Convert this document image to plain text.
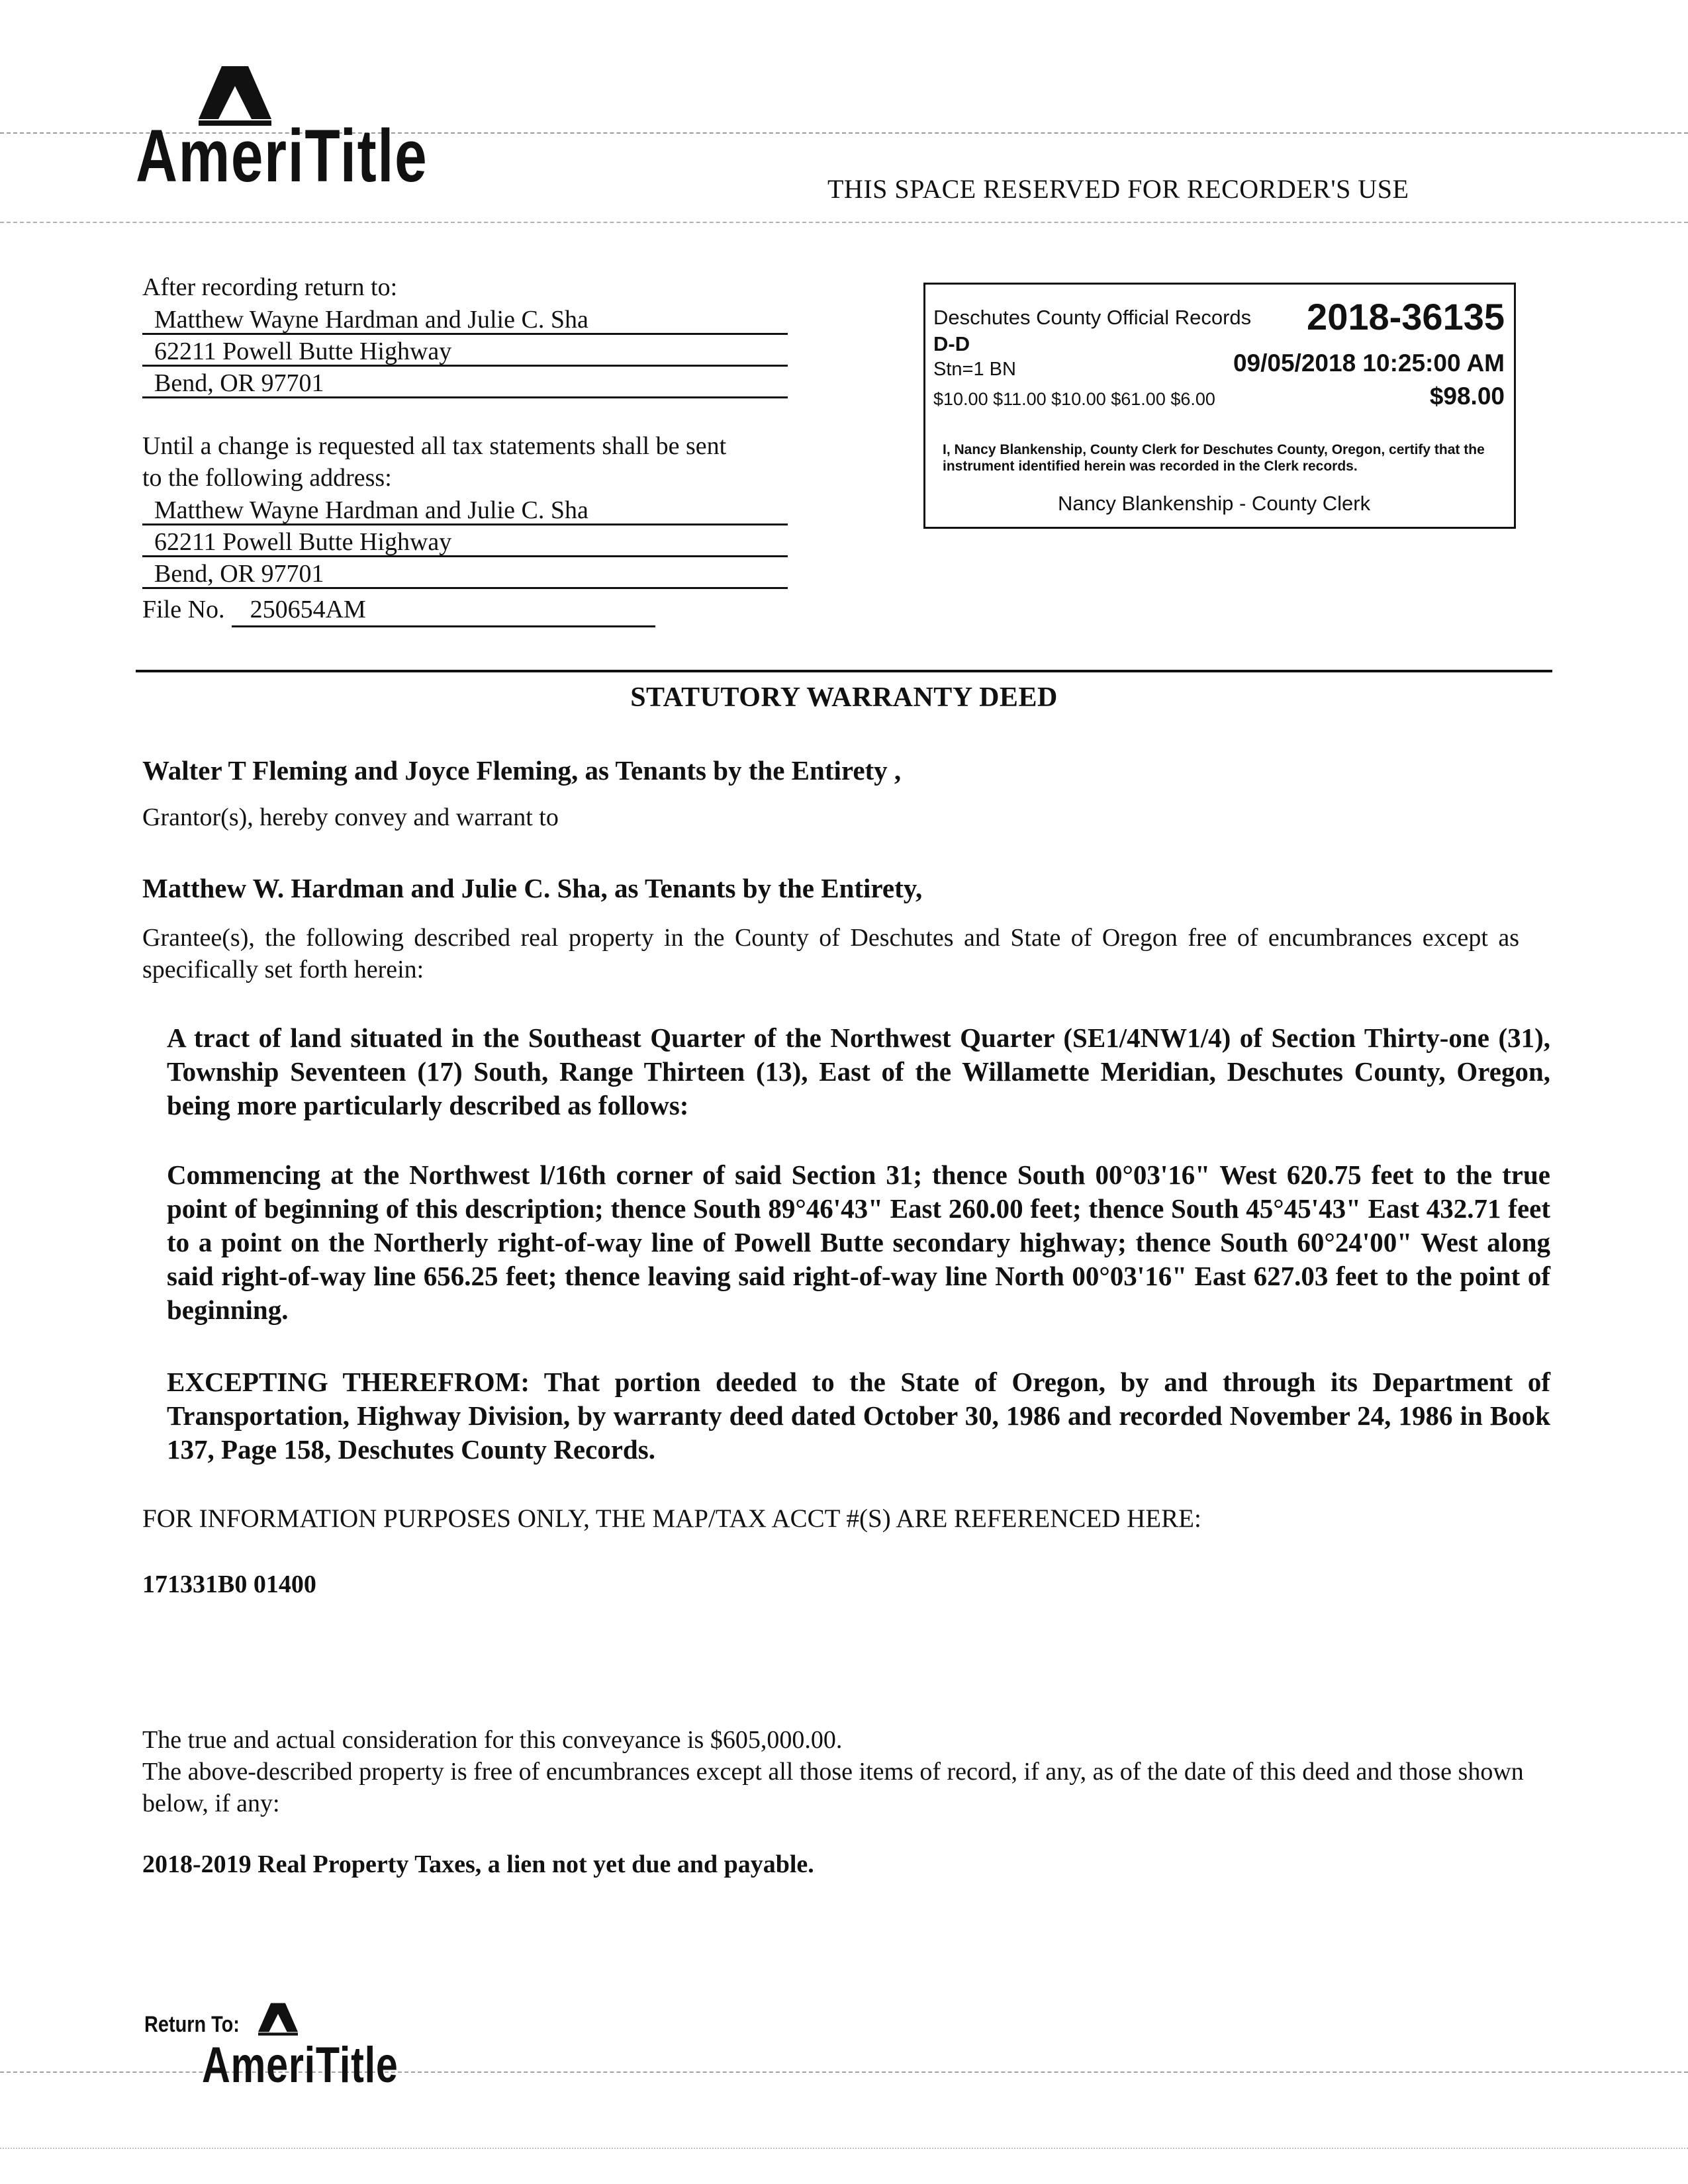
AmeriTitle	THIS SPACE RESERVED FOR RECORDER'S USE
After recording return to:
Matthew Wayne Hardman and Julie C. Sha
62211 Powell Butte Highway
Bend, OR 97701
Until a change is requested all tax statements shall be sent to the following address:
Matthew Wayne Hardman and Julie C. Sha
62211 Powell Butte Highway
Bend, OR 97701
File No. 250654AM
Deschutes County Official Records 2018-36135
D-D
Stn=1 BN	09/05/2018 10:25:00 AM
$10.00 $11.00 $10.00 $61.00 $6.00	$98.00
I, Nancy Blankenship, County Clerk for Deschutes County, Oregon, certify that the instrument identified herein was recorded in the Clerk records.
Nancy Blankenship - County Clerk
STATUTORY WARRANTY DEED
Walter T Fleming and Joyce Fleming, as Tenants by the Entirety ,
Grantor(s), hereby convey and warrant to
Matthew W. Hardman and Julie C. Sha, as Tenants by the Entirety,
Grantee(s), the following described real property in the County of Deschutes and State of Oregon free of encumbrances except as specifically set forth herein:
A tract of land situated in the Southeast Quarter of the Northwest Quarter (SE1/4NW1/4) of Section Thirty-one (31), Township Seventeen (17) South, Range Thirteen (13), East of the Willamette Meridian, Deschutes County, Oregon, being more particularly described as follows:
Commencing at the Northwest l/16th corner of said Section 31; thence South 00°03'16" West 620.75 feet to the true point of beginning of this description; thence South 89°46'43" East 260.00 feet; thence South 45°45'43" East 432.71 feet to a point on the Northerly right-of-way line of Powell Butte secondary highway; thence South 60°24'00" West along said right-of-way line 656.25 feet; thence leaving said right-of-way line North 00°03'16" East 627.03 feet to the point of beginning.
EXCEPTING THEREFROM: That portion deeded to the State of Oregon, by and through its Department of Transportation, Highway Division, by warranty deed dated October 30, 1986 and recorded November 24, 1986 in Book 137, Page 158, Deschutes County Records.
FOR INFORMATION PURPOSES ONLY, THE MAP/TAX ACCT #(S) ARE REFERENCED HERE:
171331B0 01400
The true and actual consideration for this conveyance is $605,000.00.
The above-described property is free of encumbrances except all those items of record, if any, as of the date of this deed and those shown below, if any:
2018-2019 Real Property Taxes, a lien not yet due and payable.
Return To:
AmeriTitle
